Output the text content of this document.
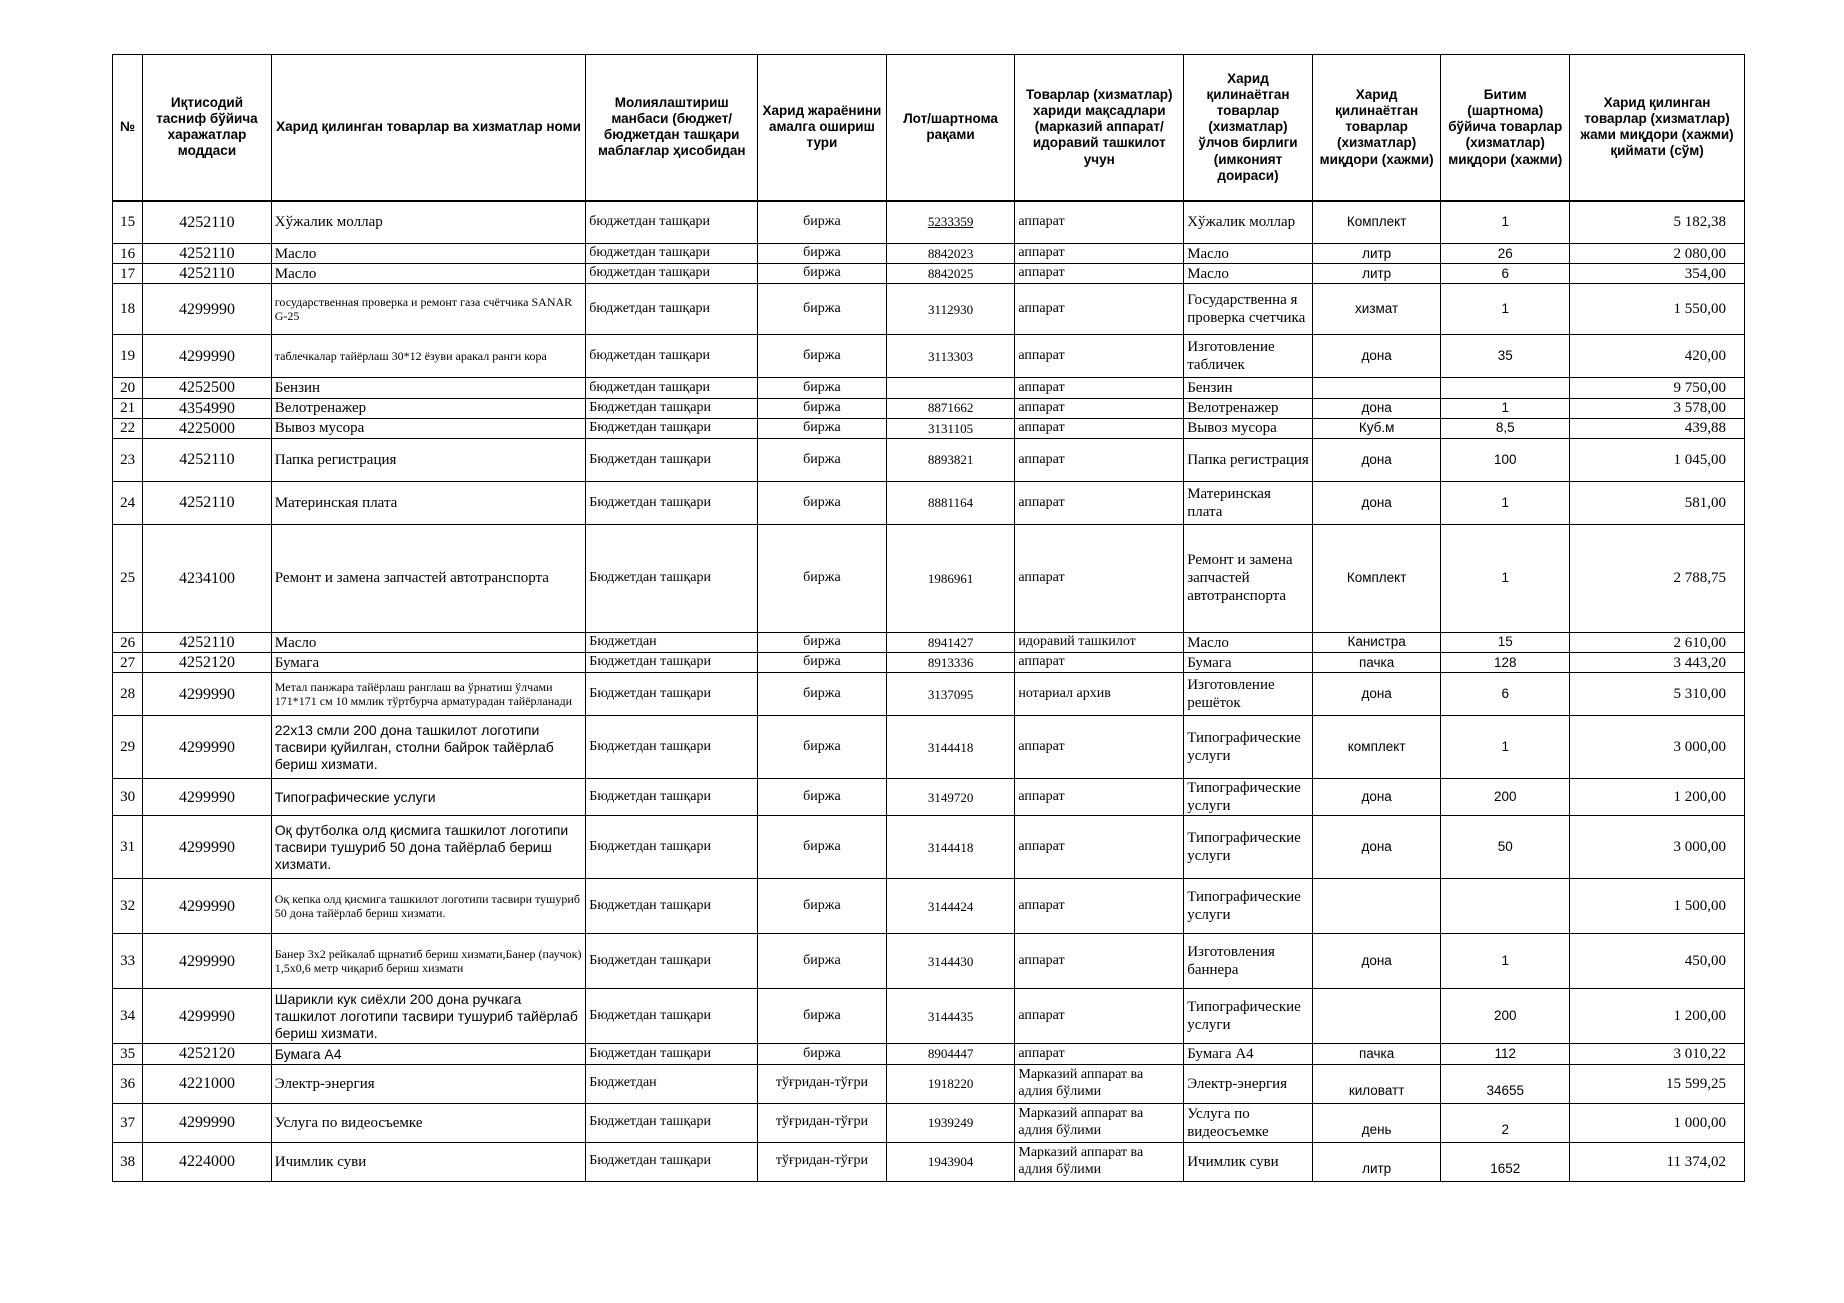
№	Иқтисодий тасниф бўйича харажатлар моддаси	Харид қилинган товарлар ва хизматлар номи	Молиялаштириш манбаси (бюджет/бюджетдан ташқари маблағлар ҳисобидан	Харид жараёнини амалга ошириш тури	Лот/шартнома рақами	Товарлар (хизматлар) хариди мақсадлари (марказий аппарат/идоравий ташкилот учун	Харид қилинаётган товарлар (хизматлар) ўлчов бирлиги (имконият доираси)	Харид қилинаётган товарлар (хизматлар) миқдори (хажми)	Битим (шартнома) бўйича товарлар (хизматлар) миқдори (хажми)	Харид қилинган товарлар (хизматлар) жами миқдори (хажми) қиймати (сўм)
15	4252110	Хўжалик моллар	бюджетдан ташқари	биржа	5233359	аппарат	Хўжалик моллар	Комплект	1	5 182,38
16	4252110	Масло	бюджетдан ташқари	биржа	8842023	аппарат	Масло	литр	26	2 080,00
17	4252110	Масло	бюджетдан ташқари	биржа	8842025	аппарат	Масло	литр	6	354,00
18	4299990	государственная проверка и ремонт газа счётчика SANAR G-25	бюджетдан ташқари	биржа	3112930	аппарат	Государственна я проверка счетчика	хизмат	1	1 550,00
19	4299990	таблечкалар тайёрлаш 30*12 ёзуви аракал ранги кора	бюджетдан ташқари	биржа	3113303	аппарат	Изготовление табличек	дона	35	420,00
20	4252500	Бензин	бюджетдан ташқари	биржа		аппарат	Бензин			9 750,00
21	4354990	Велотренажер	Бюджетдан ташқари	биржа	8871662	аппарат	Велотренажер	дона	1	3 578,00
22	4225000	Вывоз мусора	Бюджетдан ташқари	биржа	3131105	аппарат	Вывоз мусора	Куб.м	8,5	439,88
23	4252110	Папка регистрация	Бюджетдан ташқари	биржа	8893821	аппарат	Папка регистрация	дона	100	1 045,00
24	4252110	Материнская плата	Бюджетдан ташқари	биржа	8881164	аппарат	Материнская плата	дона	1	581,00
25	4234100	Ремонт и замена запчастей автотранспорта	Бюджетдан ташқари	биржа	1986961	аппарат	Ремонт и замена запчастей автотранспорта	Комплект	1	2 788,75
26	4252110	Масло	Бюджетдан	биржа	8941427	идоравий ташкилот	Масло	Канистра	15	2 610,00
27	4252120	Бумага	Бюджетдан ташқари	биржа	8913336	аппарат	Бумага	пачка	128	3 443,20
28	4299990	Метал панжара тайёрлаш ранглаш ва ўрнатиш ўлчами 171*171 см 10 ммлик тўртбурча арматурадан тайёрланади	Бюджетдан ташқари	биржа	3137095	нотариал архив	Изготовление решёток	дона	6	5 310,00
29	4299990	22x13 смли 200 дона ташкилот логотипи тасвири қуйилган, столни байрок тайёрлаб бериш хизмати.	Бюджетдан ташқари	биржа	3144418	аппарат	Типографические услуги	комплект	1	3 000,00
30	4299990	Типографические услуги	Бюджетдан ташқари	биржа	3149720	аппарат	Типографические услуги	дона	200	1 200,00
31	4299990	Оқ футболка олд қисмига ташкилот логотипи тасвири тушуриб 50 дона тайёрлаб бериш хизмати.	Бюджетдан ташқари	биржа	3144418	аппарат	Типографические услуги	дона	50	3 000,00
32	4299990	Оқ кепка олд қисмига ташкилот логотипи тасвири тушуриб 50 дона тайёрлаб бериш хизмати.	Бюджетдан ташқари	биржа	3144424	аппарат	Типографические услуги			1 500,00
33	4299990	Банер 3x2 рейкалаб щрнатиб бериш хизмати,Банер (паучок) 1,5x0,6 метр чиқариб бериш хизмати	Бюджетдан ташқари	биржа	3144430	аппарат	Изготовления баннера	дона	1	450,00
34	4299990	Шарикли кук сиёхли 200 дона ручкага ташкилот логотипи тасвири тушуриб тайёрлаб бериш хизмати.	Бюджетдан ташқари	биржа	3144435	аппарат	Типографические услуги		200	1 200,00
35	4252120	Бумага А4	Бюджетдан ташқари	биржа	8904447	аппарат	Бумага А4	пачка	112	3 010,22
36	4221000	Электр-энергия	Бюджетдан	тўғридан-тўғри	1918220	Марказий аппарат ва адлия бўлими	Электр-энергия	киловатт	34655	15 599,25
37	4299990	Услуга по видеосъемке	Бюджетдан ташқари	тўғридан-тўғри	1939249	Марказий аппарат ва адлия бўлими	Услуга по видеосъемке	день	2	1 000,00
38	4224000	Ичимлик суви	Бюджетдан ташқари	тўғридан-тўғри	1943904	Марказий аппарат ва адлия бўлими	Ичимлик суви	литр	1652	11 374,02
